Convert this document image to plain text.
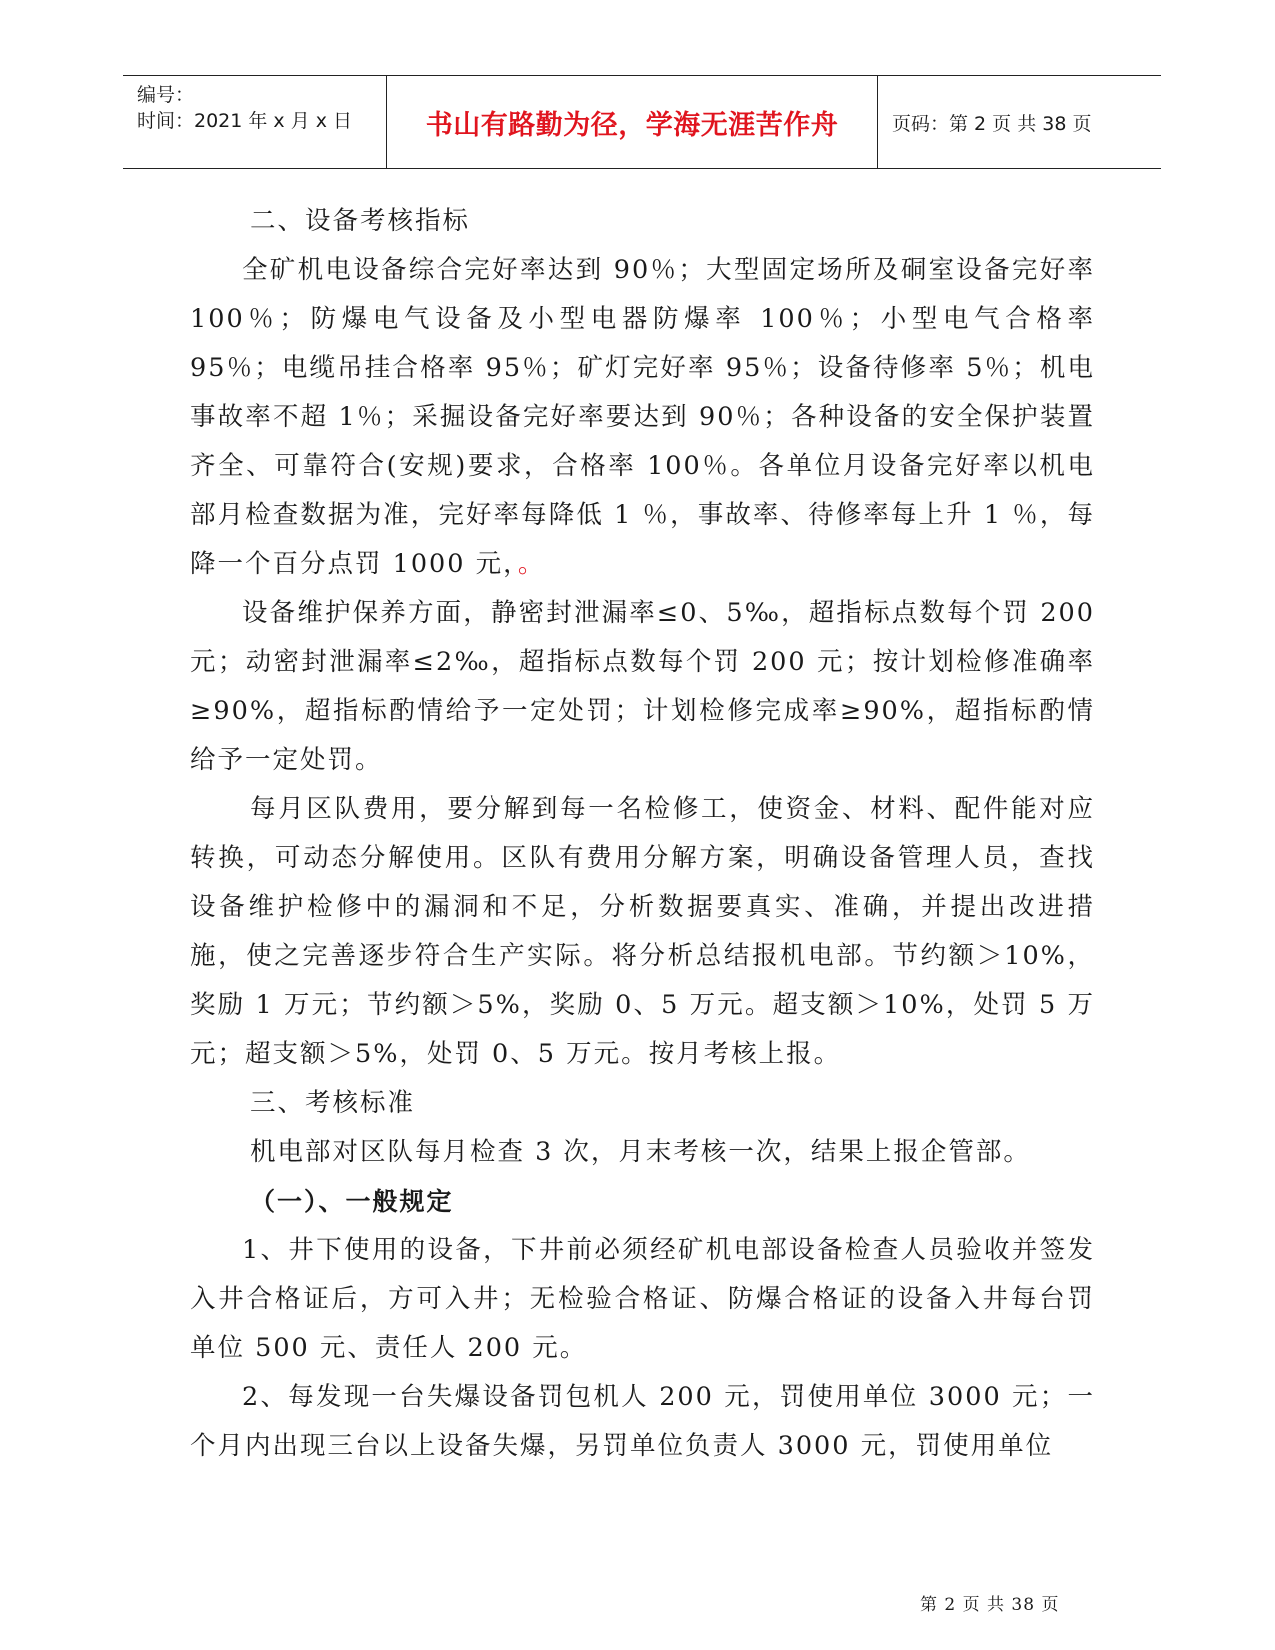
编号：
时间：2021 年 x 月 x 日	书山有路勤为径，学海无涯苦作舟	页码：第 2 页 共 38 页

二、设备考核指标

全矿机电设备综合完好率达到 90％；大型固定场所及硐室设备完好率 100％；防爆电气设备及小型电器防爆率 100％；小型电气合格率 95％；电缆吊挂合格率 95％；矿灯完好率 95％；设备待修率 5％；机电事故率不超 1％；采掘设备完好率要达到 90％；各种设备的安全保护装置齐全、可靠符合(安规)要求，合格率 100％。各单位月设备完好率以机电部月检查数据为准，完好率每降低 1 ％，事故率、待修率每上升 1 ％，每降一个百分点罚 1000 元，。

设备维护保养方面，静密封泄漏率≤0、5‰，超指标点数每个罚 200 元；动密封泄漏率≤2‰，超指标点数每个罚 200 元；按计划检修准确率≥90%，超指标酌情给予一定处罚；计划检修完成率≥90%，超指标酌情给予一定处罚。

每月区队费用，要分解到每一名检修工，使资金、材料、配件能对应转换，可动态分解使用。区队有费用分解方案，明确设备管理人员，查找设备维护检修中的漏洞和不足，分析数据要真实、准确，并提出改进措施，使之完善逐步符合生产实际。将分析总结报机电部。节约额＞10%，奖励 1 万元；节约额＞5%，奖励 0、5 万元。超支额＞10%，处罚 5 万元；超支额＞5%，处罚 0、5 万元。按月考核上报。

三、考核标准

机电部对区队每月检查 3 次，月末考核一次，结果上报企管部。

（一）、一般规定

1、井下使用的设备，下井前必须经矿机电部设备检查人员验收并签发入井合格证后，方可入井；无检验合格证、防爆合格证的设备入井每台罚单位 500 元、责任人 200 元。

2、每发现一台失爆设备罚包机人 200 元，罚使用单位 3000 元；一个月内出现三台以上设备失爆，另罚单位负责人 3000 元，罚使用单位

第 2 页 共 38 页
